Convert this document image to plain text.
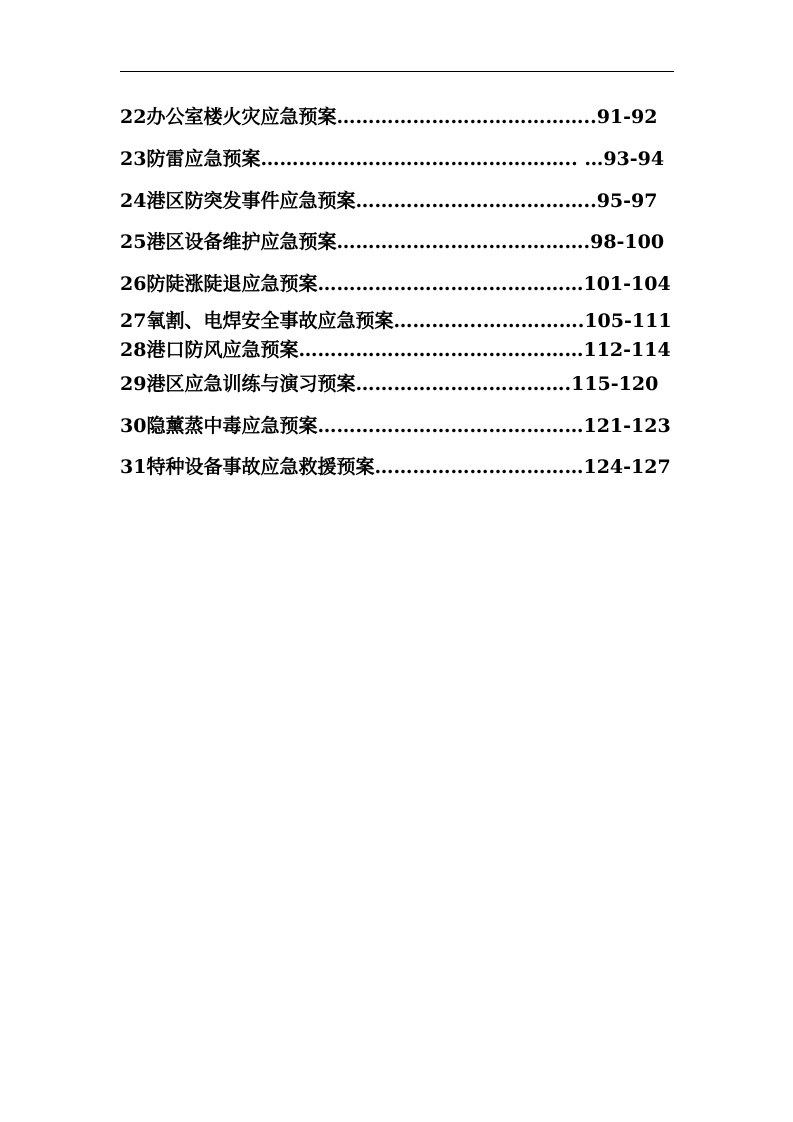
22办公室楼火灾应急预案…………………………………..91-92
23防雷应急预案………………………………………….. …93-94
24港区防突发事件应急预案………………………………..95-97
25港区设备维护应急预案………………………………….98-100
26防陡涨陡退应急预案……………………………………101-104
27氧割、电焊安全事故应急预案…………..…………….105-111
28港口防风应急预案………………………………………112-114
29港区应急训练与演习预案…………………………….115-120
30隐薰蒸中毒应急预案……………………………………121-123
31特种设备事故应急救援预案……………………………124-127
